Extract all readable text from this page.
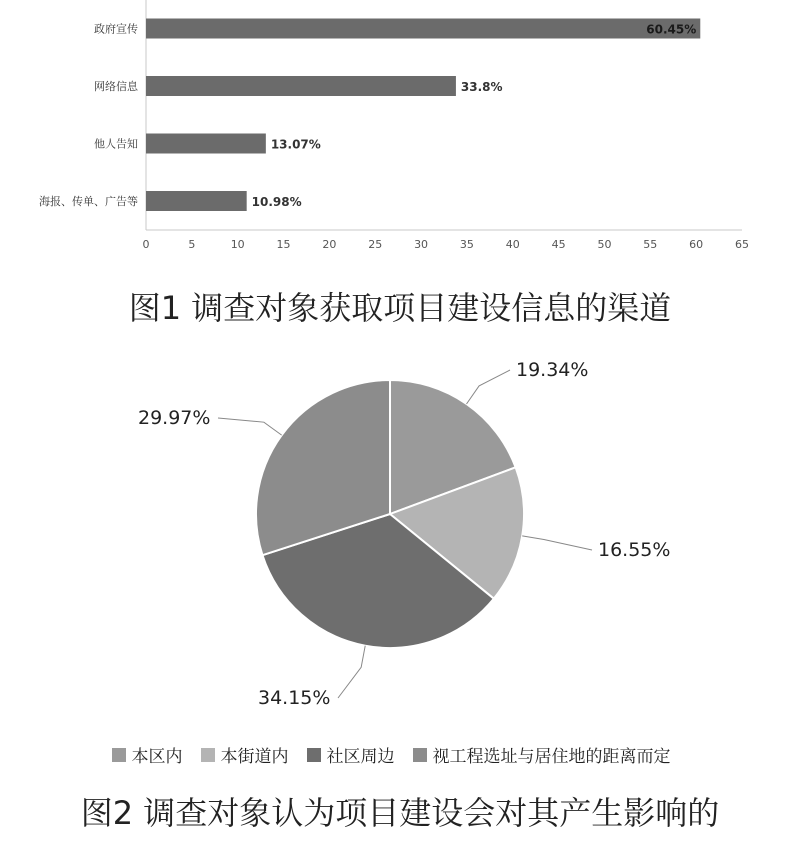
政府宣传	60.45%
网络信息	33.8%
他人告知	13.07%
海报、传单、广告等	10.98%
0	5	10	15	20	25	30	35	40	45	50	55	60	65
图1 调查对象获取项目建设信息的渠道
19.34%
16.55%
34.15%
29.97%
本区内 本街道内 社区周边 视工程选址与居住地的距离而定
图2 调查对象认为项目建设会对其产生影响的
